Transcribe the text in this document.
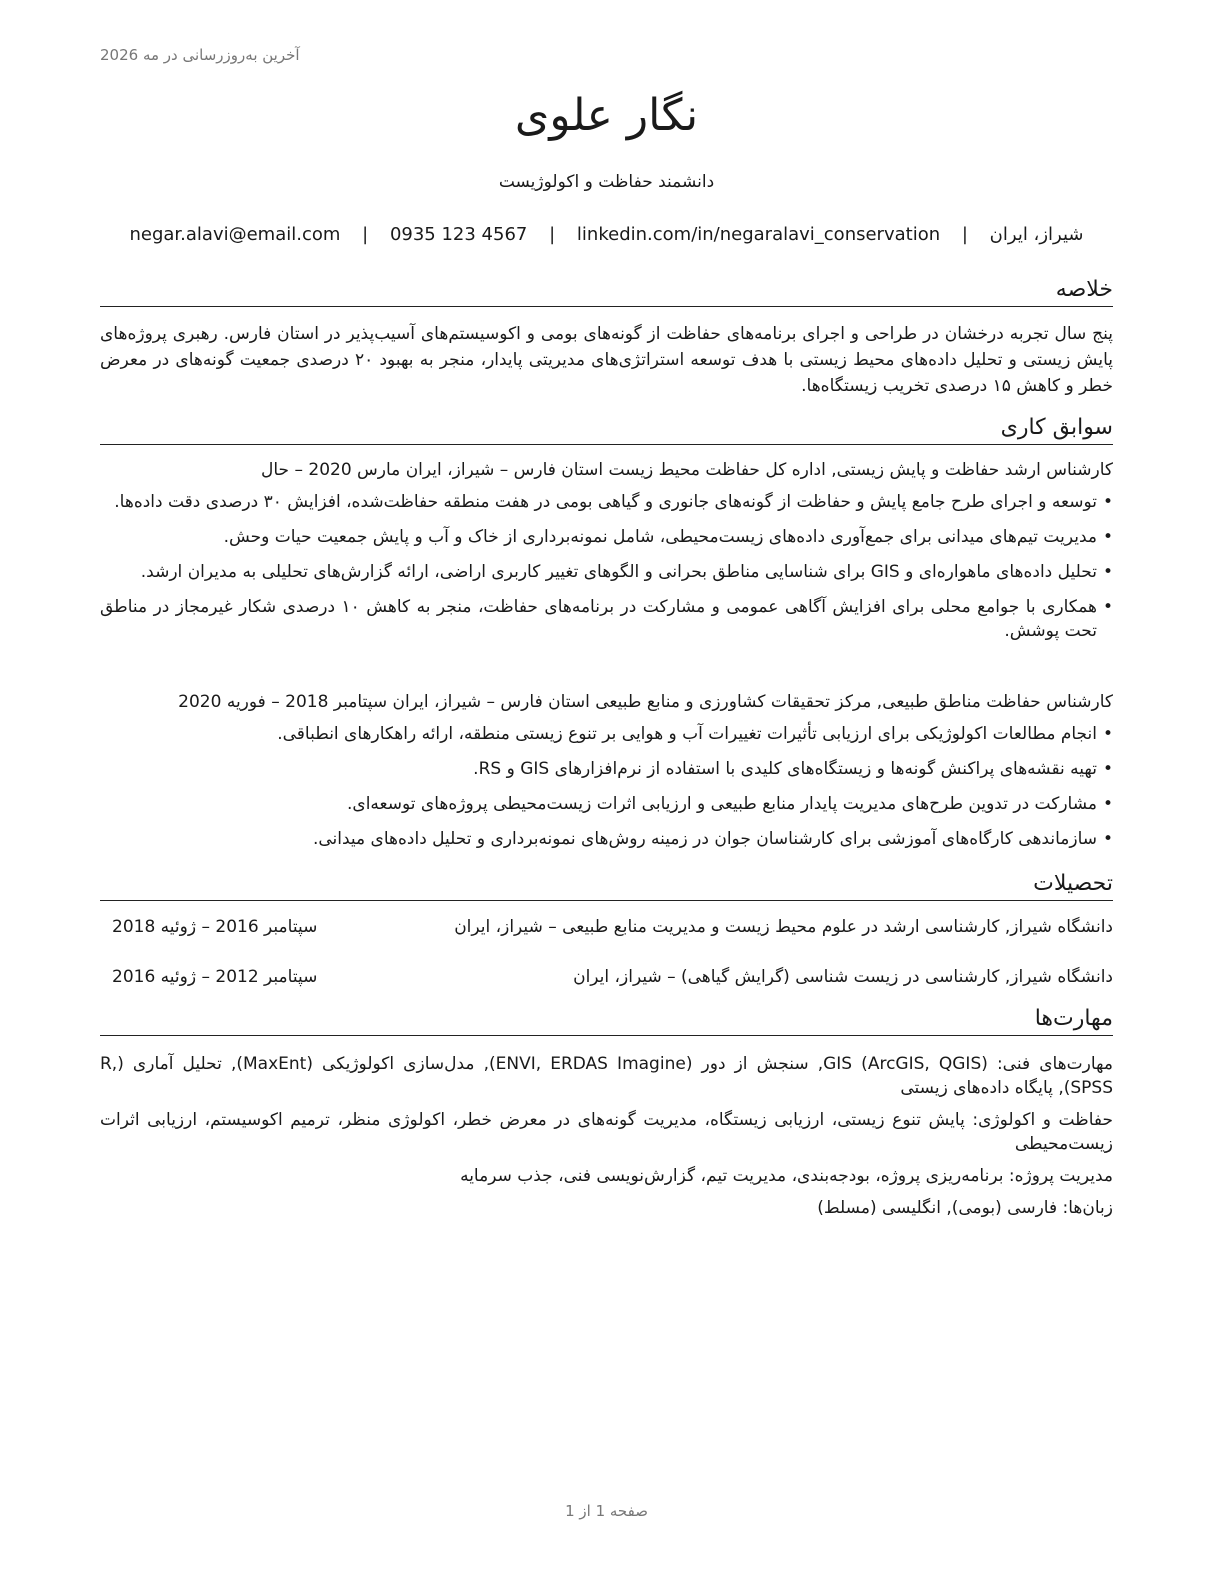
آخرین به‌روزرسانی در مه 2026
نگار علوی
دانشمند حفاظت و اکولوژیست
شیراز، ایران | negar.alavi@email.com | 0935 123 4567 | linkedin.com/in/negaralavi_conservation
خلاصه
پنج سال تجربه درخشان در طراحی و اجرای برنامه‌های حفاظت از گونه‌های بومی و اکوسیستم‌های آسیب‌پذیر در استان فارس. رهبری پروژه‌های پایش زیستی و تحلیل داده‌های محیط زیستی با هدف توسعه استراتژی‌های مدیریتی پایدار، منجر به بهبود ۲۰ درصدی جمعیت گونه‌های در معرض خطر و کاهش ۱۵ درصدی تخریب زیستگاه‌ها.
سوابق کاری
کارشناس ارشد حفاظت و پایش زیستی, اداره کل حفاظت محیط زیست استان فارس – شیراز، ایران مارس 2020 – حال
• توسعه و اجرای طرح جامع پایش و حفاظت از گونه‌های جانوری و گیاهی بومی در هفت منطقه حفاظت‌شده، افزایش ۳۰ درصدی دقت داده‌ها.
• مدیریت تیم‌های میدانی برای جمع‌آوری داده‌های زیست‌محیطی، شامل نمونه‌برداری از خاک و آب و پایش جمعیت حیات وحش.
• تحلیل داده‌های ماهواره‌ای و GIS برای شناسایی مناطق بحرانی و الگوهای تغییر کاربری اراضی، ارائه گزارش‌های تحلیلی به مدیران ارشد.
• همکاری با جوامع محلی برای افزایش آگاهی عمومی و مشارکت در برنامه‌های حفاظت، منجر به کاهش ۱۰ درصدی شکار غیرمجاز در مناطق تحت پوشش.
کارشناس حفاظت مناطق طبیعی, مرکز تحقیقات کشاورزی و منابع طبیعی استان فارس – شیراز، ایران سپتامبر 2018 – فوریه 2020
• انجام مطالعات اکولوژیکی برای ارزیابی تأثیرات تغییرات آب و هوایی بر تنوع زیستی منطقه، ارائه راهکارهای انطباقی.
• تهیه نقشه‌های پراکنش گونه‌ها و زیستگاه‌های کلیدی با استفاده از نرم‌افزارهای GIS و RS.
• مشارکت در تدوین طرح‌های مدیریت پایدار منابع طبیعی و ارزیابی اثرات زیست‌محیطی پروژه‌های توسعه‌ای.
• سازماندهی کارگاه‌های آموزشی برای کارشناسان جوان در زمینه روش‌های نمونه‌برداری و تحلیل داده‌های میدانی.
تحصیلات
دانشگاه شیراز, کارشناسی ارشد در علوم محیط زیست و مدیریت منابع طبیعی – شیراز، ایران
سپتامبر 2016 – ژوئیه 2018
دانشگاه شیراز, کارشناسی در زیست شناسی (گرایش گیاهی) – شیراز، ایران
سپتامبر 2012 – ژوئیه 2016
مهارت‌ها

مهارت‌های فنی: GIS (ArcGIS, QGIS), سنجش از دور (ENVI, ERDAS Imagine), مدل‌سازی اکولوژیکی (MaxEnt), تحلیل آماری (R, SPSS), پایگاه داده‌های زیستی

حفاظت و اکولوژی: پایش تنوع زیستی، ارزیابی زیستگاه، مدیریت گونه‌های در معرض خطر، اکولوژی منظر، ترمیم اکوسیستم، ارزیابی اثرات زیست‌محیطی

مدیریت پروژه: برنامه‌ریزی پروژه، بودجه‌بندی، مدیریت تیم، گزارش‌نویسی فنی، جذب سرمایه

زبان‌ها: فارسی (بومی), انگلیسی (مسلط)

صفحه 1 از 1
